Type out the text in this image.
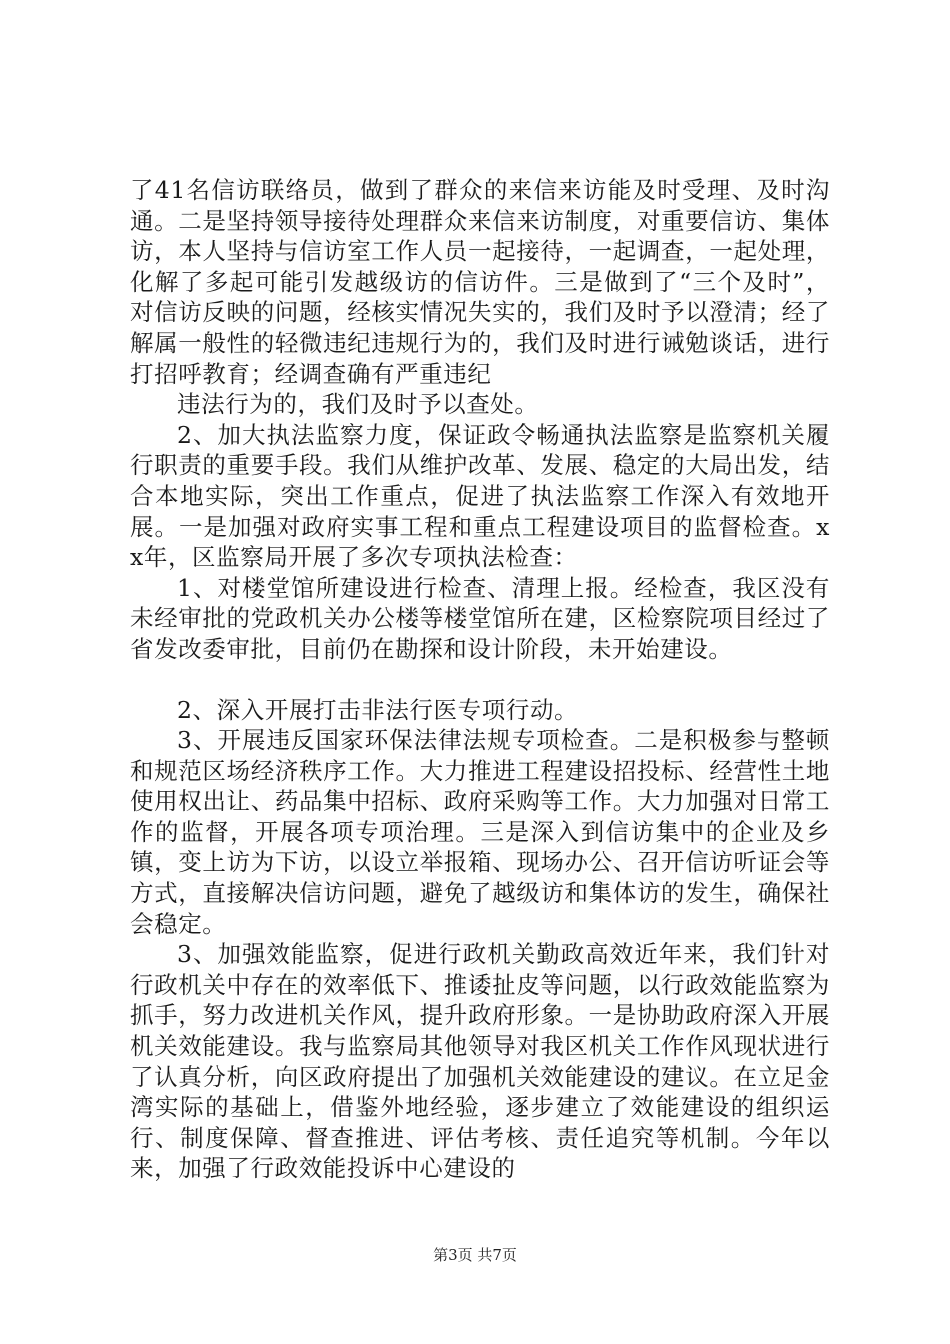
了41名信访联络员，做到了群众的来信来访能及时受理、及时沟通。二是坚持领导接待处理群众来信来访制度，对重要信访、集体访，本人坚持与信访室工作人员一起接待，一起调查，一起处理，化解了多起可能引发越级访的信访件。三是做到了“三个及时”，对信访反映的问题，经核实情况失实的，我们及时予以澄清；经了解属一般性的轻微违纪违规行为的，我们及时进行诫勉谈话，进行打招呼教育；经调查确有严重违纪

违法行为的，我们及时予以查处。

2、加大执法监察力度，保证政令畅通执法监察是监察机关履行职责的重要手段。我们从维护改革、发展、稳定的大局出发，结合本地实际，突出工作重点，促进了执法监察工作深入有效地开展。一是加强对政府实事工程和重点工程建设项目的监督检查。xx年，区监察局开展了多次专项执法检查：

1、对楼堂馆所建设进行检查、清理上报。经检查，我区没有未经审批的党政机关办公楼等楼堂馆所在建，区检察院项目经过了省发改委审批，目前仍在勘探和设计阶段，未开始建设。

2、深入开展打击非法行医专项行动。

3、开展违反国家环保法律法规专项检查。二是积极参与整顿和规范区场经济秩序工作。大力推进工程建设招投标、经营性土地使用权出让、药品集中招标、政府采购等工作。大力加强对日常工作的监督，开展各项专项治理。三是深入到信访集中的企业及乡镇，变上访为下访，以设立举报箱、现场办公、召开信访听证会等方式，直接解决信访问题，避免了越级访和集体访的发生，确保社会稳定。

3、加强效能监察，促进行政机关勤政高效近年来，我们针对行政机关中存在的效率低下、推诿扯皮等问题，以行政效能监察为抓手，努力改进机关作风，提升政府形象。一是协助政府深入开展机关效能建设。我与监察局其他领导对我区机关工作作风现状进行了认真分析，向区政府提出了加强机关效能建设的建议。在立足金湾实际的基础上，借鉴外地经验，逐步建立了效能建设的组织运行、制度保障、督查推进、评估考核、责任追究等机制。今年以来，加强了行政效能投诉中心建设的

第3页 共7页
